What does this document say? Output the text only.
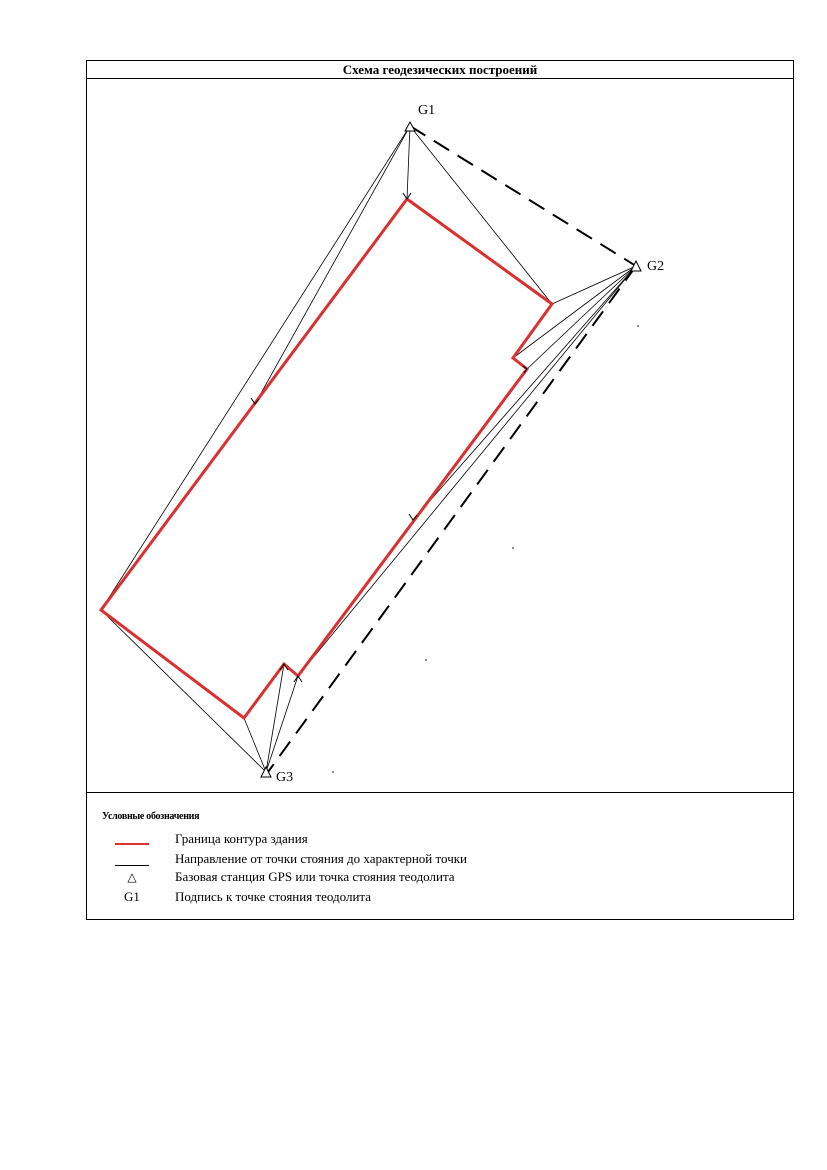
Схема геодезических построений
Условные обозначения
Граница контура здания
Направление от точки стояния до характерной точки
△	Базовая станция GPS или точка стояния теодолита
G1	Подпись к точке стояния теодолита
G1
G2
G3
